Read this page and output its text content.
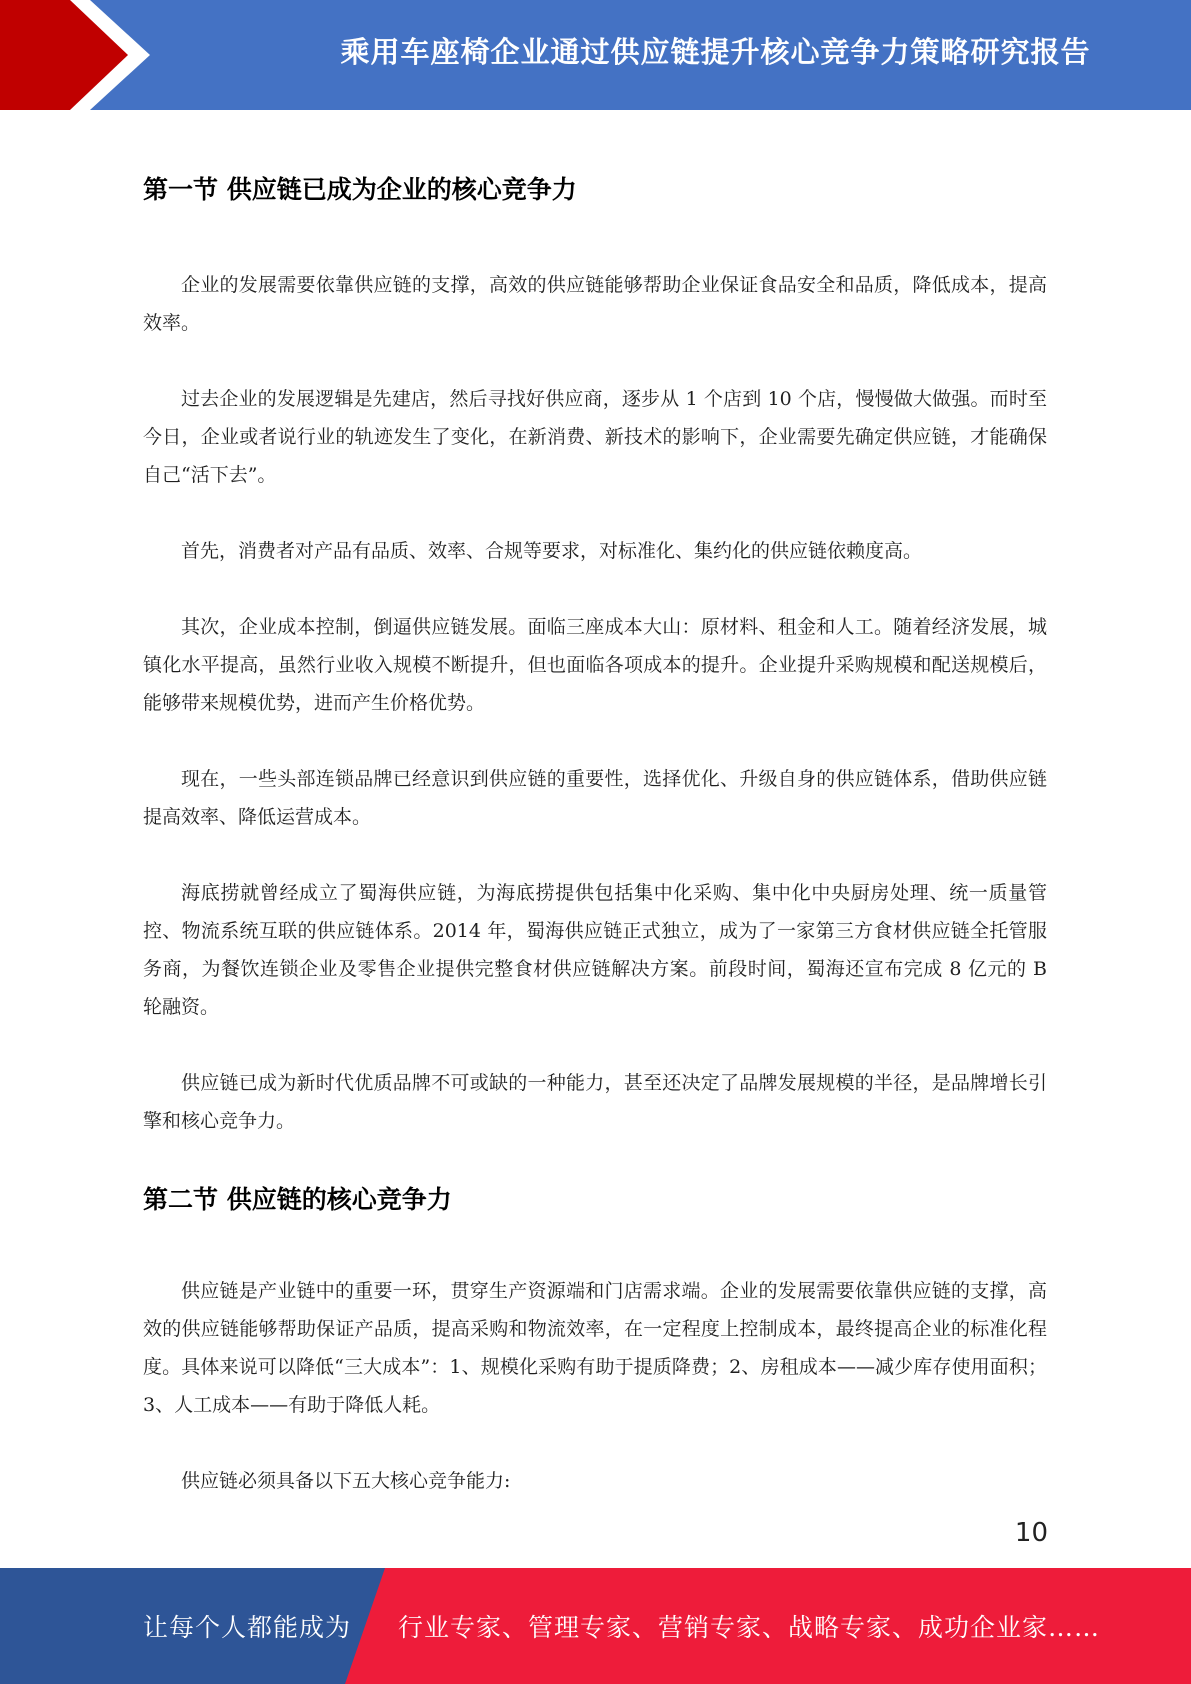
乘用车座椅企业通过供应链提升核心竞争力策略研究报告
第一节 供应链已成为企业的核心竞争力

企业的发展需要依靠供应链的支撑，高效的供应链能够帮助企业保证食品安全和品质，降低成本，提高效率。

过去企业的发展逻辑是先建店，然后寻找好供应商，逐步从 1 个店到 10 个店，慢慢做大做强。而时至今日，企业或者说行业的轨迹发生了变化，在新消费、新技术的影响下，企业需要先确定供应链，才能确保自己“活下去”。

首先，消费者对产品有品质、效率、合规等要求，对标准化、集约化的供应链依赖度高。

其次，企业成本控制，倒逼供应链发展。面临三座成本大山：原材料、租金和人工。随着经济发展，城镇化水平提高，虽然行业收入规模不断提升，但也面临各项成本的提升。企业提升采购规模和配送规模后，能够带来规模优势，进而产生价格优势。

现在，一些头部连锁品牌已经意识到供应链的重要性，选择优化、升级自身的供应链体系，借助供应链提高效率、降低运营成本。

海底捞就曾经成立了蜀海供应链，为海底捞提供包括集中化采购、集中化中央厨房处理、统一质量管控、物流系统互联的供应链体系。2014 年，蜀海供应链正式独立，成为了一家第三方食材供应链全托管服务商，为餐饮连锁企业及零售企业提供完整食材供应链解决方案。前段时间，蜀海还宣布完成 8 亿元的 B 轮融资。

供应链已成为新时代优质品牌不可或缺的一种能力，甚至还决定了品牌发展规模的半径，是品牌增长引擎和核心竞争力。

第二节 供应链的核心竞争力

供应链是产业链中的重要一环，贯穿生产资源端和门店需求端。企业的发展需要依靠供应链的支撑，高效的供应链能够帮助保证产品质，提高采购和物流效率，在一定程度上控制成本，最终提高企业的标准化程度。具体来说可以降低“三大成本”：1、规模化采购有助于提质降费；2、房租成本——减少库存使用面积；3、人工成本——有助于降低人耗。

供应链必须具备以下五大核心竞争能力:

10
让每个人都能成为 行业专家、管理专家、营销专家、战略专家、成功企业家……
